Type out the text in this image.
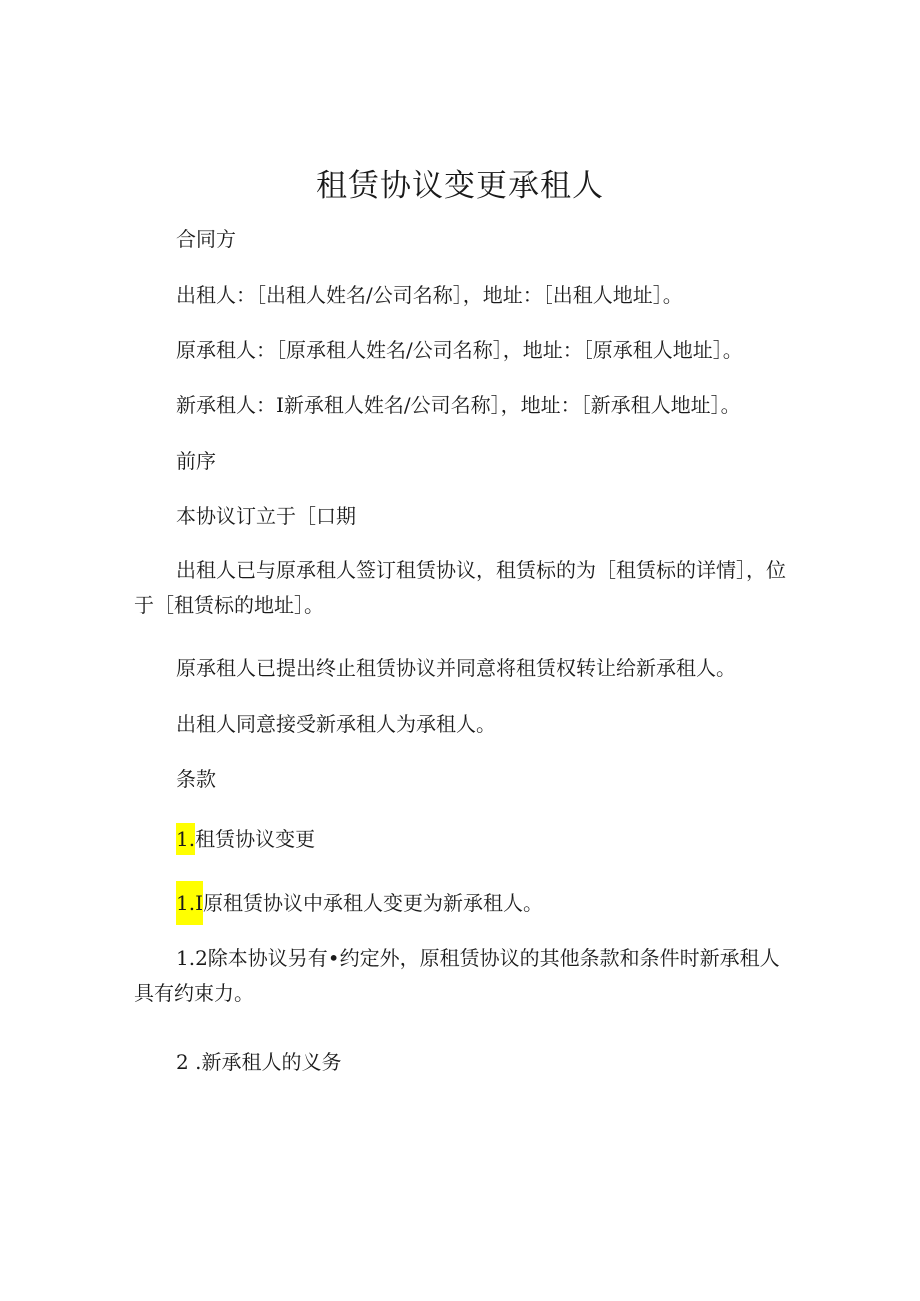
租赁协议变更承租人
合同方
出租人：［出租人姓名/公司名称］，地址：［出租人地址］。
原承租人：［原承租人姓名/公司名称］，地址：［原承租人地址］。
新承租人：I新承租人姓名/公司名称］，地址：［新承租人地址］。
前序
本协议订立于［口期
出租人已与原承租人签订租赁协议，租赁标的为［租赁标的详情］，位于［租赁标的地址］。
原承租人已提出终止租赁协议并同意将租赁权转让给新承租人。
出租人同意接受新承租人为承租人。
条款
1.租赁协议变更
1.I原租赁协议中承租人变更为新承租人。
1.2除本协议另有•约定外，原租赁协议的其他条款和条件时新承租人具有约束力。
2 .新承租人的义务
